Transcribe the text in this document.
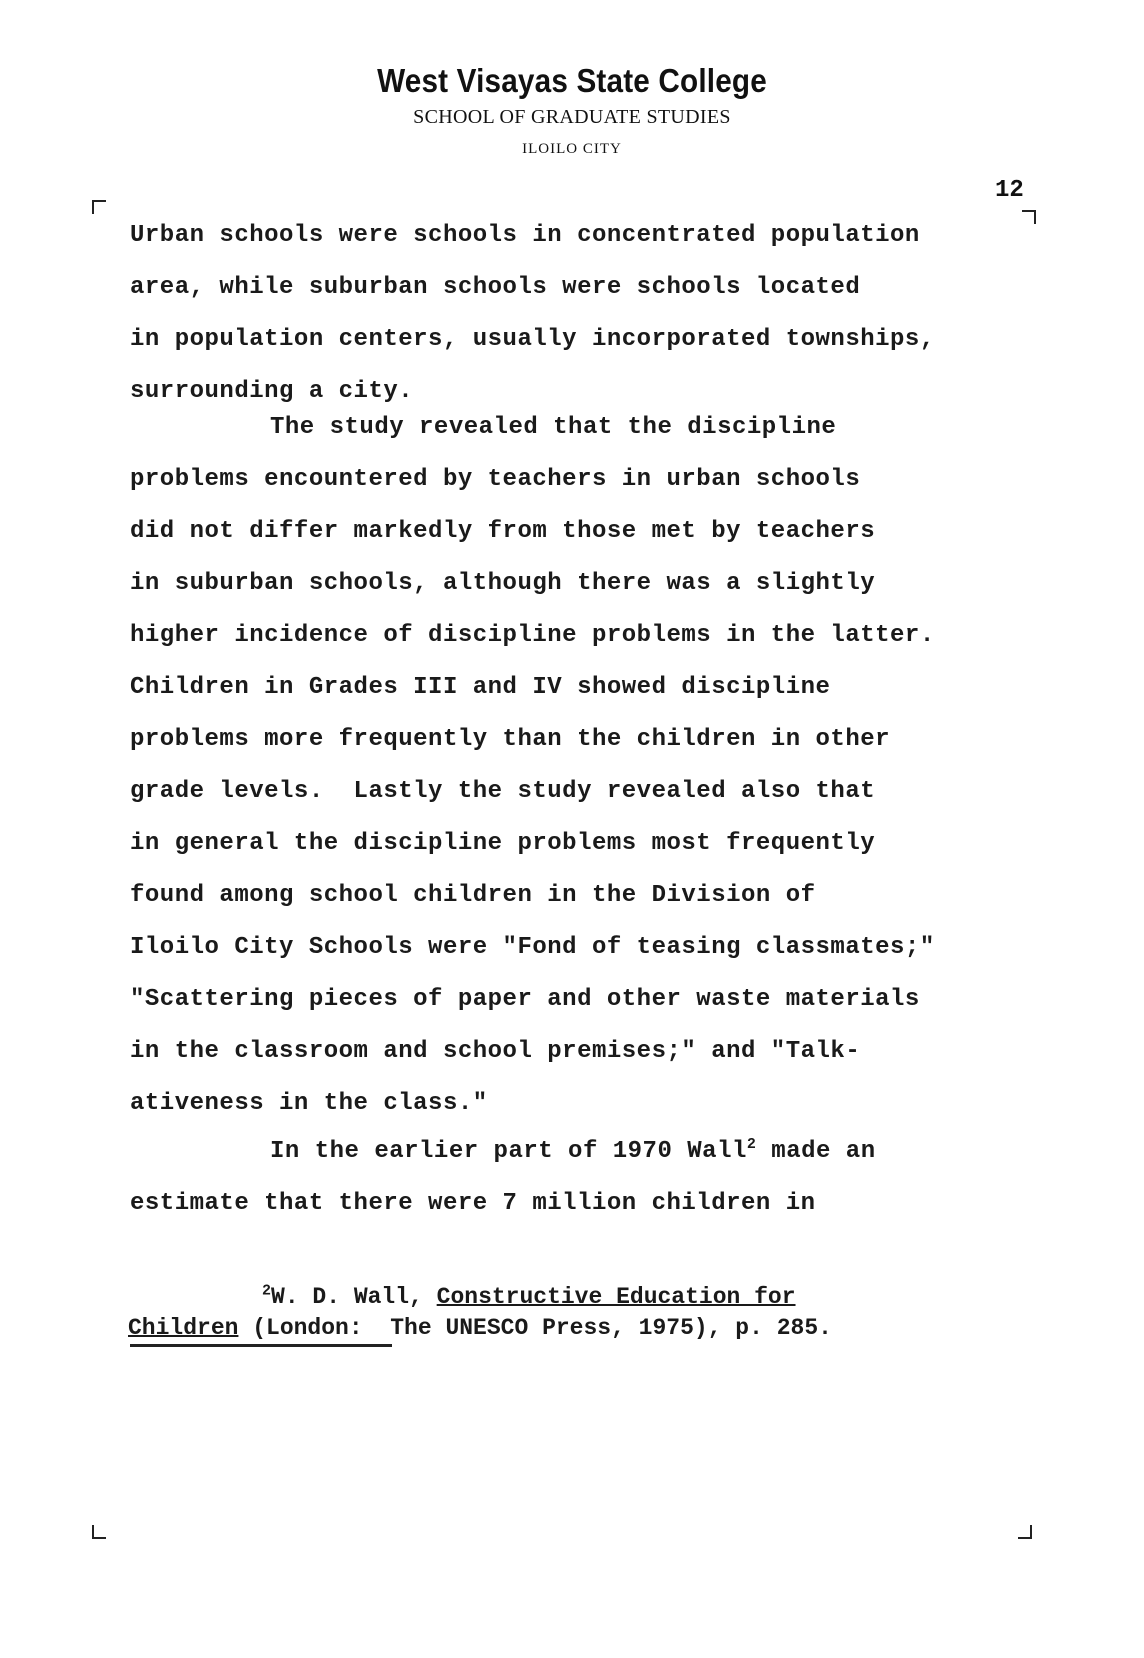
West Visayas State College
SCHOOL OF GRADUATE STUDIES
ILOILO CITY
12
Urban schools were schools in concentrated population
area, while suburban schools were schools located
in population centers, usually incorporated townships,
surrounding a city.
The study revealed that the discipline
problems encountered by teachers in urban schools
did not differ markedly from those met by teachers
in suburban schools, although there was a slightly
higher incidence of discipline problems in the latter.
Children in Grades III and IV showed discipline
problems more frequently than the children in other
grade levels.  Lastly the study revealed also that
in general the discipline problems most frequently
found among school children in the Division of
Iloilo City Schools were "Fond of teasing classmates;"
"Scattering pieces of paper and other waste materials
in the classroom and school premises;" and "Talk-
ativeness in the class."
In the earlier part of 1970 Wall$^2$ made an
estimate that there were 7 million children in
$^2$W. D. Wall, Constructive Education for
Children (London:  The UNESCO Press, 1975), p. 285.
